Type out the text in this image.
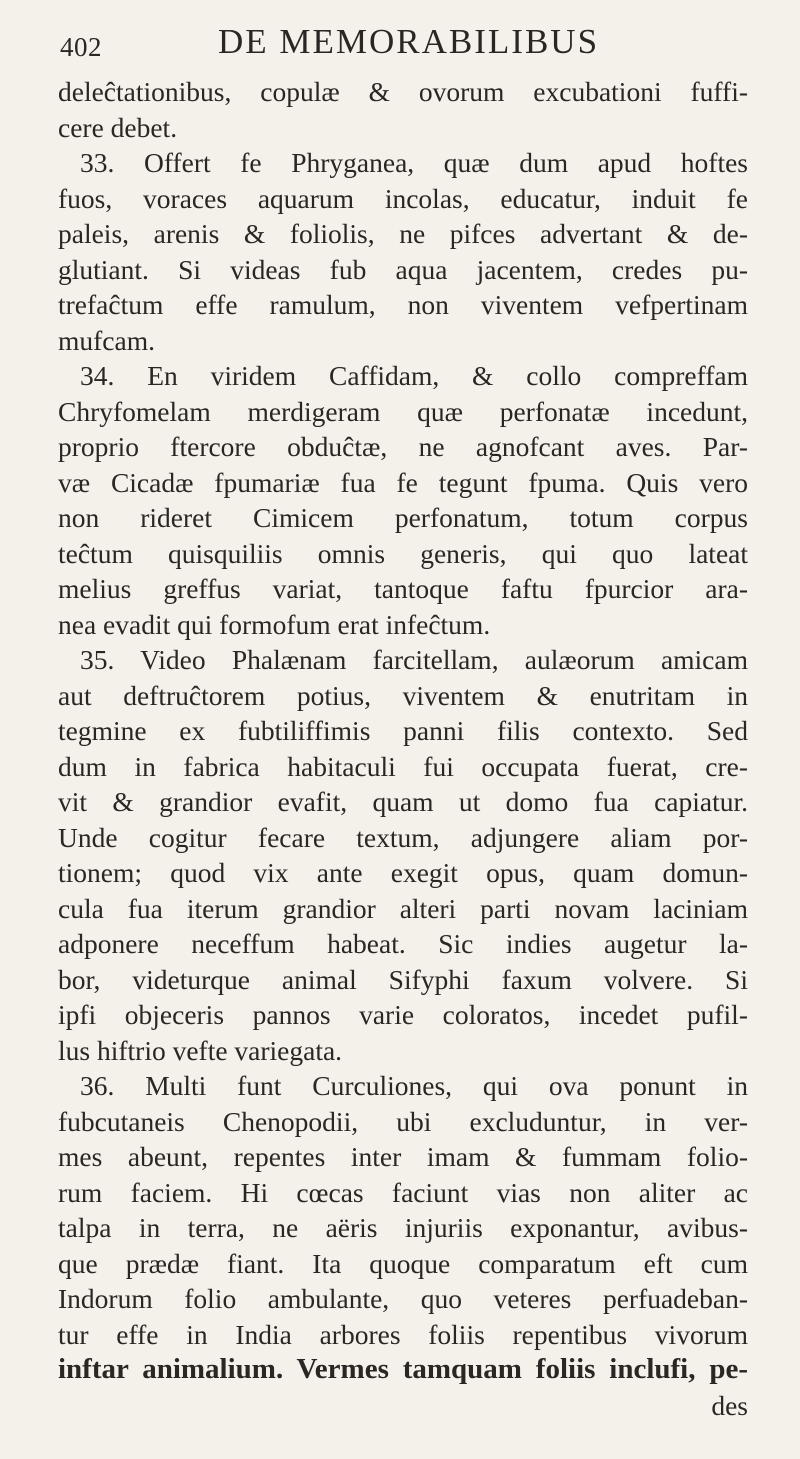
402	DE MEMORABILIBUS
deleĉtationibus, copulæ & ovorum excubationi fuffi-
cere debet.
33. Offert fe Phryganea, quæ dum apud hoftes
fuos, voraces aquarum incolas, educatur, induit fe
paleis, arenis & foliolis, ne pifces advertant & de-
glutiant. Si videas fub aqua jacentem, credes pu-
trefaĉtum effe ramulum, non viventem vefpertinam
mufcam.
34. En viridem Caffidam, & collo compreffam
Chryfomelam merdigeram quæ perfonatæ incedunt,
proprio ftercore obduĉtæ, ne agnofcant aves. Par-
væ Cicadæ fpumariæ fua fe tegunt fpuma. Quis vero
non rideret Cimicem perfonatum, totum corpus
teĉtum quisquiliis omnis generis, qui quo lateat
melius greffus variat, tantoque faftu fpurcior ara-
nea evadit qui formofum erat infeĉtum.
35. Video Phalænam farcitellam, aulæorum amicam
aut deftruĉtorem potius, viventem & enutritam in
tegmine ex fubtiliffimis panni filis contexto. Sed
dum in fabrica habitaculi fui occupata fuerat, cre-
vit & grandior evafit, quam ut domo fua capiatur.
Unde cogitur fecare textum, adjungere aliam por-
tionem; quod vix ante exegit opus, quam domun-
cula fua iterum grandior alteri parti novam laciniam
adponere neceffum habeat. Sic indies augetur la-
bor, videturque animal Sifyphi faxum volvere. Si
ipfi objeceris pannos varie coloratos, incedet pufil-
lus hiftrio vefte variegata.
36. Multi funt Curculiones, qui ova ponunt in
fubcutaneis Chenopodii, ubi excluduntur, in ver-
mes abeunt, repentes inter imam & fummam folio-
rum faciem. Hi cœcas faciunt vias non aliter ac
talpa in terra, ne aëris injuriis exponantur, avibus-
que prædæ fiant. Ita quoque comparatum eft cum
Indorum folio ambulante, quo veteres perfuadeban-
tur effe in India arbores foliis repentibus vivorum
inftar animalium. Vermes tamquam foliis inclufi, pe-
des
